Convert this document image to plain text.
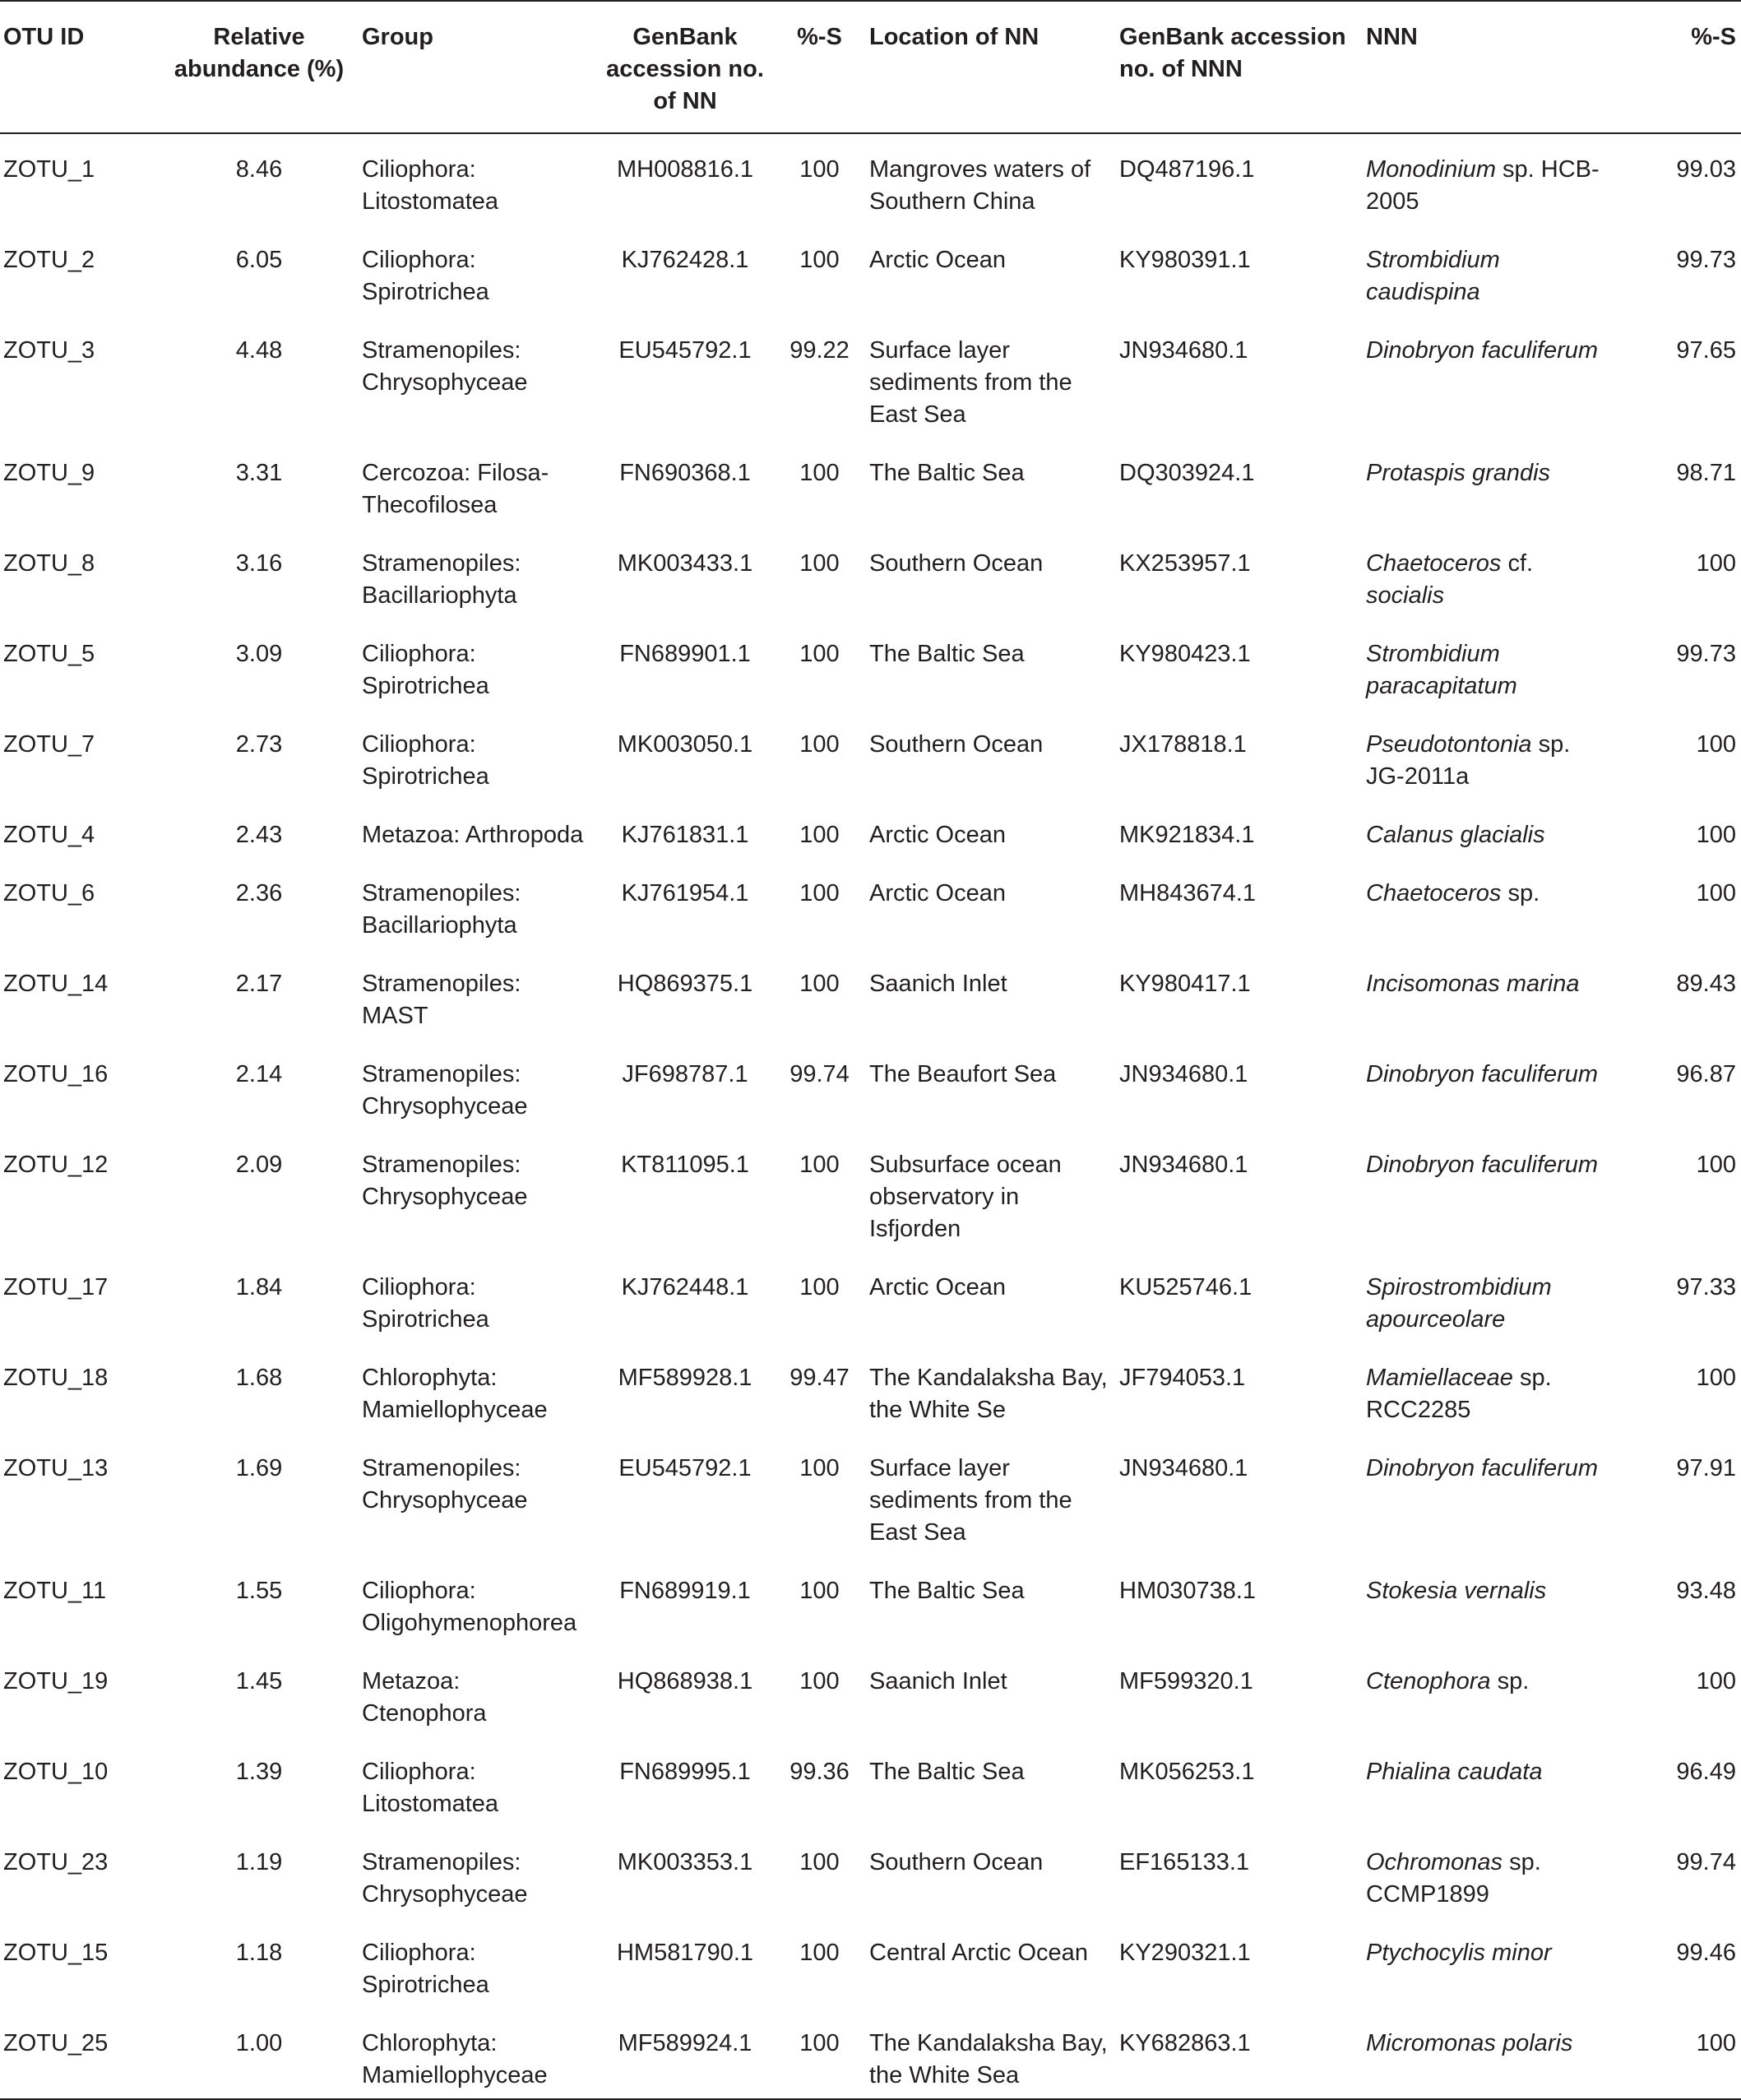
OTU ID	Relative abundance (%)	Group	GenBank accession no. of NN	%-S	Location of NN	GenBank accession no. of NNN	NNN	%-S
ZOTU_1	8.46	Ciliophora: Litostomatea	MH008816.1	100	Mangroves waters of Southern China	DQ487196.1	Monodinium sp. HCB-2005	99.03
ZOTU_2	6.05	Ciliophora: Spirotrichea	KJ762428.1	100	Arctic Ocean	KY980391.1	Strombidium caudispina	99.73
ZOTU_3	4.48	Stramenopiles: Chrysophyceae	EU545792.1	99.22	Surface layer sediments from the East Sea	JN934680.1	Dinobryon faculiferum	97.65
ZOTU_9	3.31	Cercozoa: Filosa-Thecofilosea	FN690368.1	100	The Baltic Sea	DQ303924.1	Protaspis grandis	98.71
ZOTU_8	3.16	Stramenopiles: Bacillariophyta	MK003433.1	100	Southern Ocean	KX253957.1	Chaetoceros cf. socialis	100
ZOTU_5	3.09	Ciliophora: Spirotrichea	FN689901.1	100	The Baltic Sea	KY980423.1	Strombidium paracapitatum	99.73
ZOTU_7	2.73	Ciliophora: Spirotrichea	MK003050.1	100	Southern Ocean	JX178818.1	Pseudotontonia sp. JG-2011a	100
ZOTU_4	2.43	Metazoa: Arthropoda	KJ761831.1	100	Arctic Ocean	MK921834.1	Calanus glacialis	100
ZOTU_6	2.36	Stramenopiles: Bacillariophyta	KJ761954.1	100	Arctic Ocean	MH843674.1	Chaetoceros sp.	100
ZOTU_14	2.17	Stramenopiles: MAST	HQ869375.1	100	Saanich Inlet	KY980417.1	Incisomonas marina	89.43
ZOTU_16	2.14	Stramenopiles: Chrysophyceae	JF698787.1	99.74	The Beaufort Sea	JN934680.1	Dinobryon faculiferum	96.87
ZOTU_12	2.09	Stramenopiles: Chrysophyceae	KT811095.1	100	Subsurface ocean observatory in Isfjorden	JN934680.1	Dinobryon faculiferum	100
ZOTU_17	1.84	Ciliophora: Spirotrichea	KJ762448.1	100	Arctic Ocean	KU525746.1	Spirostrombidium apourceolare	97.33
ZOTU_18	1.68	Chlorophyta: Mamiellophyceae	MF589928.1	99.47	The Kandalaksha Bay, the White Se	JF794053.1	Mamiellaceae sp. RCC2285	100
ZOTU_13	1.69	Stramenopiles: Chrysophyceae	EU545792.1	100	Surface layer sediments from the East Sea	JN934680.1	Dinobryon faculiferum	97.91
ZOTU_11	1.55	Ciliophora: Oligohymenophorea	FN689919.1	100	The Baltic Sea	HM030738.1	Stokesia vernalis	93.48
ZOTU_19	1.45	Metazoa: Ctenophora	HQ868938.1	100	Saanich Inlet	MF599320.1	Ctenophora sp.	100
ZOTU_10	1.39	Ciliophora: Litostomatea	FN689995.1	99.36	The Baltic Sea	MK056253.1	Phialina caudata	96.49
ZOTU_23	1.19	Stramenopiles: Chrysophyceae	MK003353.1	100	Southern Ocean	EF165133.1	Ochromonas sp. CCMP1899	99.74
ZOTU_15	1.18	Ciliophora: Spirotrichea	HM581790.1	100	Central Arctic Ocean	KY290321.1	Ptychocylis minor	99.46
ZOTU_25	1.00	Chlorophyta: Mamiellophyceae	MF589924.1	100	The Kandalaksha Bay, the White Sea	KY682863.1	Micromonas polaris	100
